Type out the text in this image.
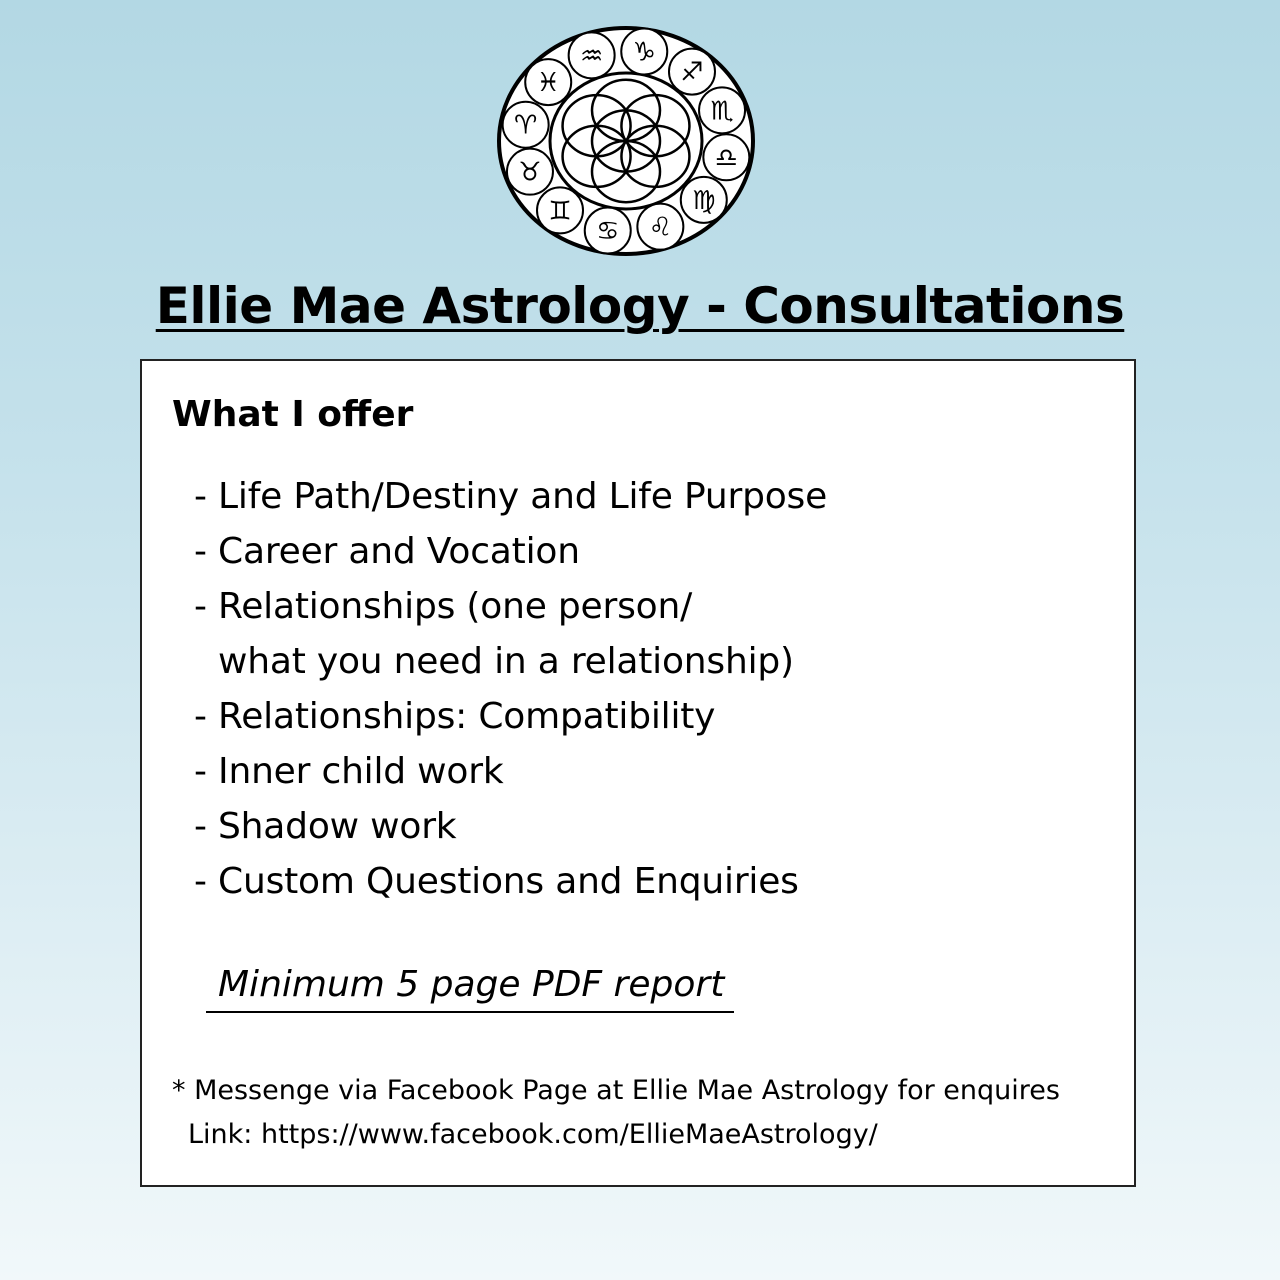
♑
♐
♏
♎
♍
♌
♋
♊
♉
♈
♓
♒
Ellie Mae Astrology - Consultations
What I offer
- Life Path/Destiny and Life Purpose
- Career and Vocation
- Relationships (one person/
what you need in a relationship)
- Relationships: Compatibility
- Inner child work
- Shadow work
- Custom Questions and Enquiries

Minimum 5 page PDF report

* Messenge via Facebook Page at Ellie Mae Astrology for enquires
Link: https://www.facebook.com/EllieMaeAstrology/
